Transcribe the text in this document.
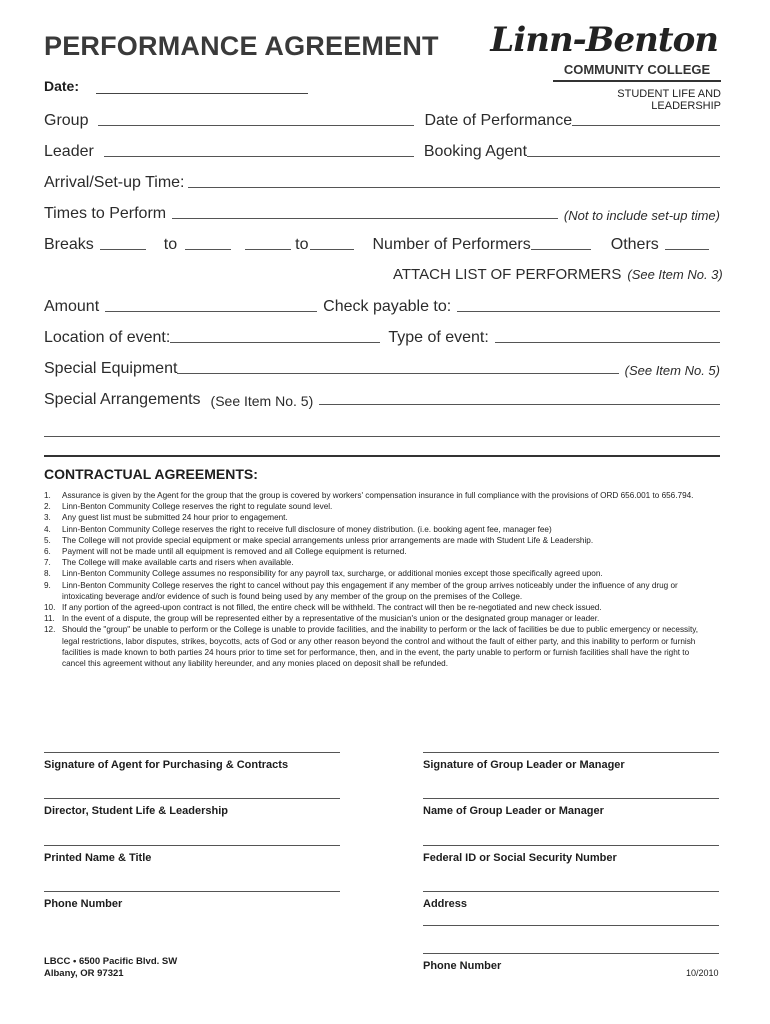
PERFORMANCE AGREEMENT
Date:
Linn-Benton
COMMUNITY COLLEGE
STUDENT LIFE AND LEADERSHIP
Group	Date of Performance
Leader	Booking Agent
Arrival/Set-up Time:
Times to Perform	(Not to include set-up time)
Breaks	to	to	Number of Performers	Others
ATTACH LIST OF PERFORMERS (See Item No. 3)
Amount	Check payable to:
Location of event:	Type of event:
Special Equipment	(See Item No. 5)
Special Arrangements (See Item No. 5)
CONTRACTUAL AGREEMENTS:
1.	Assurance is given by the Agent for the group that the group is covered by workers' compensation insurance in full compliance with the provisions of ORD 656.001 to 656.794.
2.	Linn-Benton Community College reserves the right to regulate sound level.
3.	Any guest list must be submitted 24 hour prior to engagement.
4.	Linn-Benton Community College reserves the right to receive full disclosure of money distribution. (i.e. booking agent fee, manager fee)
5.	The College will not provide special equipment or make special arrangements unless prior arrangements are made with Student Life & Leadership.
6.	Payment will not be made until all equipment is removed and all College equipment is returned.
7.	The College will make available carts and risers when available.
8.	Linn-Benton Community College assumes no responsibility for any payroll tax, surcharge, or additional monies except those specifically agreed upon.
9.	Linn-Benton Community College reserves the right to cancel without pay this engagement if any member of the group arrives noticeably under the influence of any drug or intoxicating beverage and/or evidence of such is found being used by any member of the group on the premises of the College.
10. If any portion of the agreed-upon contract is not filled, the entire check will be withheld. The contract will then be re-negotiated and new check issued.
11. In the event of a dispute, the group will be represented either by a representative of the musician's union or the designated group manager or leader.
12. Should the "group" be unable to perform or the College is unable to provide facilities, and the inability to perform or the lack of facilities be due to public emergency or necessity, legal restrictions, labor disputes, strikes, boycotts, acts of God or any other reason beyond the control and without the fault of either party, and this inability to perform or furnish facilities is made known to both parties 24 hours prior to time set for performance, then, and in the event, the party unable to perform or furnish facilities shall have the right to cancel this agreement without any liability hereunder, and any monies placed on deposit shall be refunded.
Signature of Agent for Purchasing & Contracts
Director, Student Life & Leadership
Printed Name & Title
Phone Number
Signature of Group Leader or Manager
Name of Group Leader or Manager
Federal ID or Social Security Number
Address
Phone Number
LBCC • 6500 Pacific Blvd. SW
Albany, OR 97321	10/2010
